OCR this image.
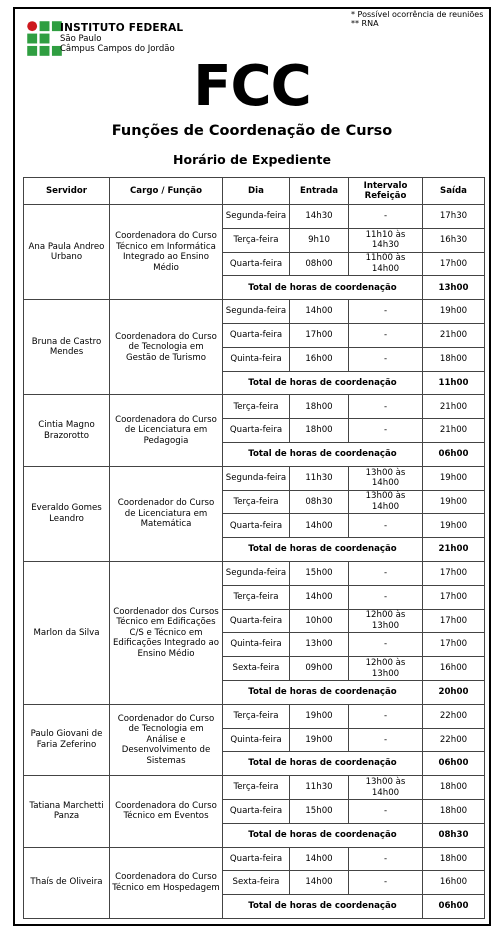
* Possível ocorrência de reuniões
** RNA
INSTITUTO FEDERAL
São Paulo
Câmpus Campos do Jordão
FCC
Funções de Coordenação de Curso
Horário de Expediente
Servidor	Cargo / Função	Dia	Entrada	Intervalo Refeição	Saída
Ana Paula Andreo Urbano	Coordenadora do Curso Técnico em Informática Integrado ao Ensino Médio	Segunda-feira	14h30	-	17h30
		Terça-feira	9h10	11h10 às 14h30	16h30
		Quarta-feira	08h00	11h00 às 14h00	17h00
		Total de horas de coordenação			13h00
Bruna de Castro Mendes	Coordenadora do Curso de Tecnologia em Gestão de Turismo	Segunda-feira	14h00	-	19h00
		Quarta-feira	17h00	-	21h00
		Quinta-feira	16h00	-	18h00
		Total de horas de coordenação			11h00
Cintia Magno Brazorotto	Coordenadora do Curso de Licenciatura em Pedagogia	Terça-feira	18h00	-	21h00
		Quarta-feira	18h00	-	21h00
		Total de horas de coordenação			06h00
Everaldo Gomes Leandro	Coordenador do Curso de Licenciatura em Matemática	Segunda-feira	11h30	13h00 às 14h00	19h00
		Terça-feira	08h30	13h00 às 14h00	19h00
		Quarta-feira	14h00	-	19h00
		Total de horas de coordenação			21h00
Marlon da Silva	Coordenador dos Cursos Técnico em Edificações C/S e Técnico em Edificações Integrado ao Ensino Médio	Segunda-feira	15h00	-	17h00
		Terça-feira	14h00	-	17h00
		Quarta-feira	10h00	12h00 às 13h00	17h00
		Quinta-feira	13h00	-	17h00
		Sexta-feira	09h00	12h00 às 13h00	16h00
		Total de horas de coordenação			20h00
Paulo Giovani de Faria Zeferino	Coordenador do Curso de Tecnologia em Análise e Desenvolvimento de Sistemas	Terça-feira	19h00	-	22h00
		Quinta-feira	19h00	-	22h00
		Total de horas de coordenação			06h00
Tatiana Marchetti Panza	Coordenadora do Curso Técnico em Eventos	Terça-feira	11h30	13h00 às 14h00	18h00
		Quarta-feira	15h00	-	18h00
		Total de horas de coordenação			08h30
Thaís de Oliveira	Coordenadora do Curso Técnico em Hospedagem	Quarta-feira	14h00	-	18h00
		Sexta-feira	14h00	-	16h00
		Total de horas de coordenação			06h00
